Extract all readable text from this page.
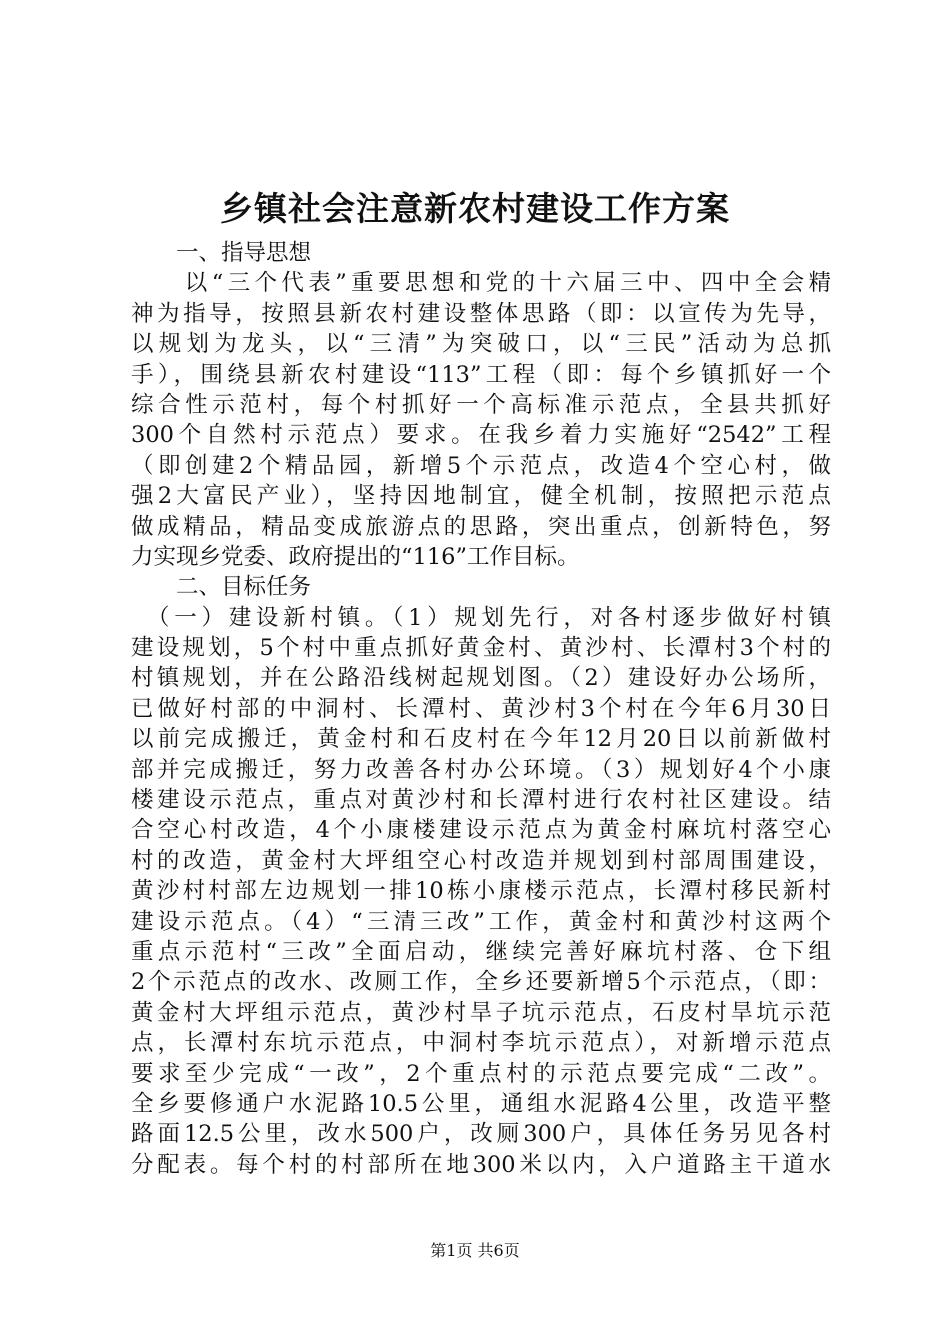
乡镇社会注意新农村建设工作方案
一、指导思想
　　以“三个代表”重要思想和党的十六届三中、四中全会精
神为指导，按照县新农村建设整体思路（即：以宣传为先导，
以规划为龙头，以“三清”为突破口，以“三民”活动为总抓
手），围绕县新农村建设“113”工程（即：每个乡镇抓好一个
综合性示范村，每个村抓好一个高标准示范点，全县共抓好
300个自然村示范点）要求。在我乡着力实施好“2542”工程
（即创建2个精品园，新增5个示范点，改造4个空心村，做
强2大富民产业），坚持因地制宜，健全机制，按照把示范点
做成精品，精品变成旅游点的思路，突出重点，创新特色，努
力实现乡党委、政府提出的“116”工作目标。
二、目标任务
　（一）建设新村镇。（1）规划先行，对各村逐步做好村镇
建设规划，5个村中重点抓好黄金村、黄沙村、长潭村3个村的
村镇规划，并在公路沿线树起规划图。（2）建设好办公场所，
已做好村部的中洞村、长潭村、黄沙村3个村在今年6月30日
以前完成搬迁，黄金村和石皮村在今年12月20日以前新做村
部并完成搬迁，努力改善各村办公环境。（3）规划好4个小康
楼建设示范点，重点对黄沙村和长潭村进行农村社区建设。结
合空心村改造，4个小康楼建设示范点为黄金村麻坑村落空心
村的改造，黄金村大坪组空心村改造并规划到村部周围建设，
黄沙村村部左边规划一排10栋小康楼示范点，长潭村移民新村
建设示范点。（4）“三清三改”工作，黄金村和黄沙村这两个
重点示范村“三改”全面启动，继续完善好麻坑村落、仓下组
2个示范点的改水、改厕工作，全乡还要新增5个示范点，（即：
黄金村大坪组示范点，黄沙村旱子坑示范点，石皮村旱坑示范
点，长潭村东坑示范点，中洞村李坑示范点），对新增示范点
要求至少完成“一改”，2个重点村的示范点要完成“二改”。
全乡要修通户水泥路10.5公里，通组水泥路4公里，改造平整
路面12.5公里，改水500户，改厕300户，具体任务另见各村
分配表。每个村的村部所在地300米以内，入户道路主干道水
第1页 共6页
